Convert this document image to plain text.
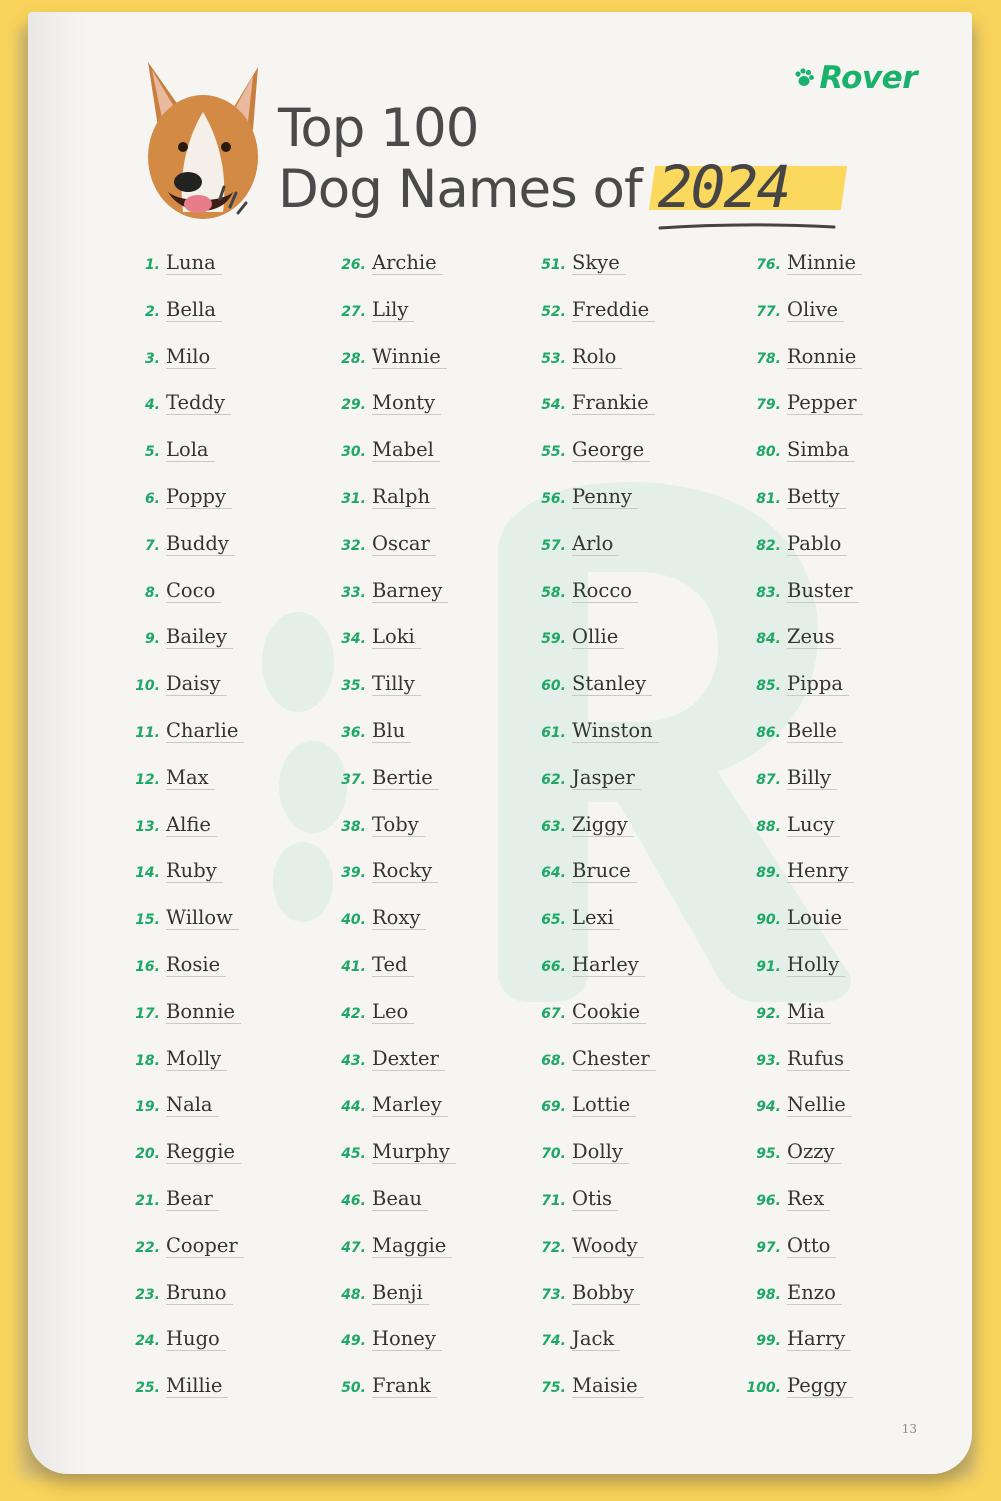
Rover
Top 100
Dog Names of 2024
1. Luna
2. Bella
3. Milo
4. Teddy
5. Lola
6. Poppy
7. Buddy
8. Coco
9. Bailey
10. Daisy
11. Charlie
12. Max
13. Alfie
14. Ruby
15. Willow
16. Rosie
17. Bonnie
18. Molly
19. Nala
20. Reggie
21. Bear
22. Cooper
23. Bruno
24. Hugo
25. Millie
26. Archie
27. Lily
28. Winnie
29. Monty
30. Mabel
31. Ralph
32. Oscar
33. Barney
34. Loki
35. Tilly
36. Blu
37. Bertie
38. Toby
39. Rocky
40. Roxy
41. Ted
42. Leo
43. Dexter
44. Marley
45. Murphy
46. Beau
47. Maggie
48. Benji
49. Honey
50. Frank
51. Skye
52. Freddie
53. Rolo
54. Frankie
55. George
56. Penny
57. Arlo
58. Rocco
59. Ollie
60. Stanley
61. Winston
62. Jasper
63. Ziggy
64. Bruce
65. Lexi
66. Harley
67. Cookie
68. Chester
69. Lottie
70. Dolly
71. Otis
72. Woody
73. Bobby
74. Jack
75. Maisie
76. Minnie
77. Olive
78. Ronnie
79. Pepper
80. Simba
81. Betty
82. Pablo
83. Buster
84. Zeus
85. Pippa
86. Belle
87. Billy
88. Lucy
89. Henry
90. Louie
91. Holly
92. Mia
93. Rufus
94. Nellie
95. Ozzy
96. Rex
97. Otto
98. Enzo
99. Harry
100. Peggy
13
